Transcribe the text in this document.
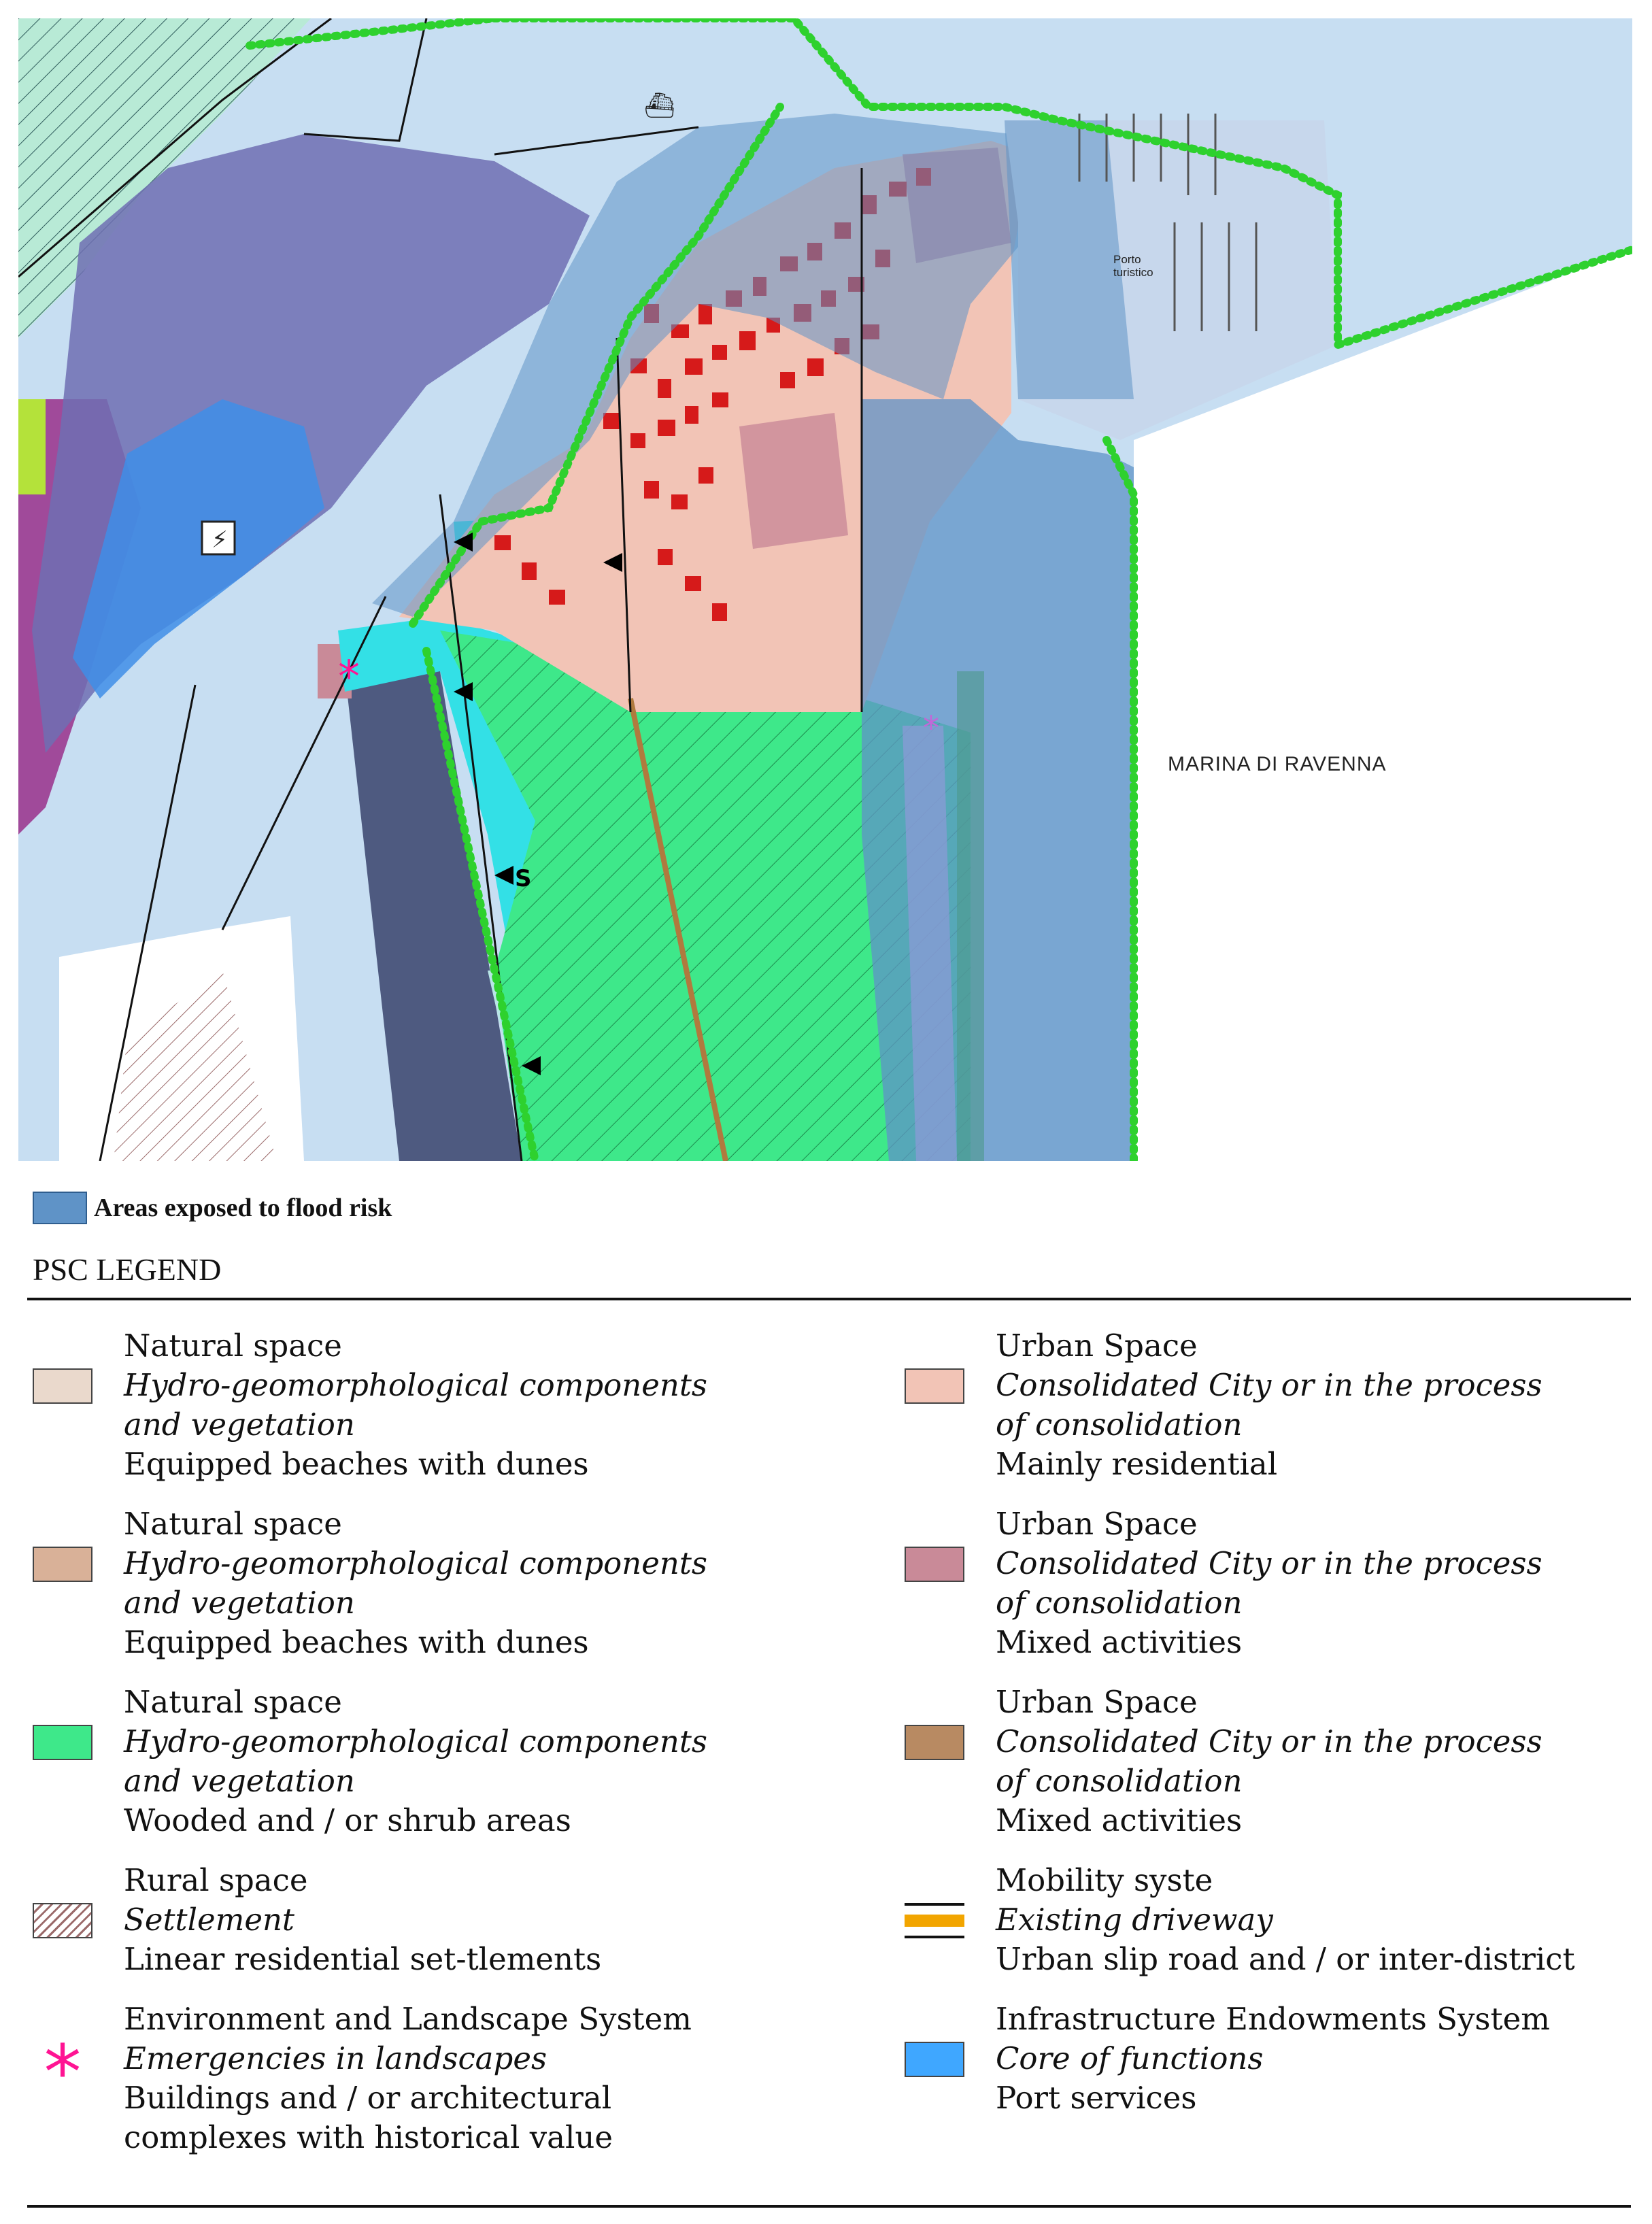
*
*
⚡
⛴
S
MARINA DI RAVENNA
Porto
turistico
Areas exposed to flood risk
PSC LEGEND
Natural space
Hydro-geomorphological components
and vegetation
Equipped beaches with dunes
Natural space
Hydro-geomorphological components
and vegetation
Equipped beaches with dunes
Natural space
Hydro-geomorphological components
and vegetation
Wooded and / or shrub areas
Rural space
Settlement
Linear residential set-tlements
*
Environment and Landscape System
Emergencies in landscapes
Buildings and / or architectural
complexes with historical value
Urban Space
Consolidated City or in the process
of consolidation
Mainly residential
Urban Space
Consolidated City or in the process
of consolidation
Mixed activities
Urban Space
Consolidated City or in the process
of consolidation
Mixed activities
Mobility syste
Existing driveway
Urban slip road and / or inter-district
Infrastructure Endowments System
Core of functions
Port services
